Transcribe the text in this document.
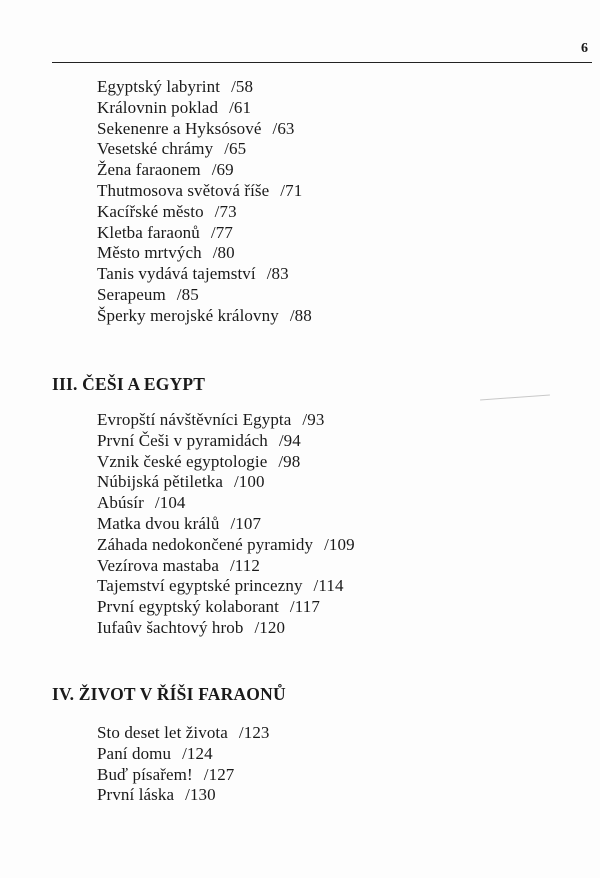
6
Egyptský labyrint /58
Královnin poklad /61
Sekenenre a Hyksósové /63
Vesetské chrámy /65
Žena faraonem /69
Thutmosova světová říše /71
Kacířské město /73
Kletba faraonů /77
Město mrtvých /80
Tanis vydává tajemství /83
Serapeum /85
Šperky merojské královny /88
III. ČEŠI A EGYPT
Evropští návštěvníci Egypta /93
První Češi v pyramidách /94
Vznik české egyptologie /98
Núbijská pětiletka /100
Abúsír /104
Matka dvou králů /107
Záhada nedokončené pyramidy /109
Vezírova mastaba /112
Tajemství egyptské princezny /114
První egyptský kolaborant /117
Iufaûv šachtový hrob /120
IV. ŽIVOT V ŘÍŠI FARAONŮ
Sto deset let života /123
Paní domu /124
Buď písařem! /127
První láska /130
